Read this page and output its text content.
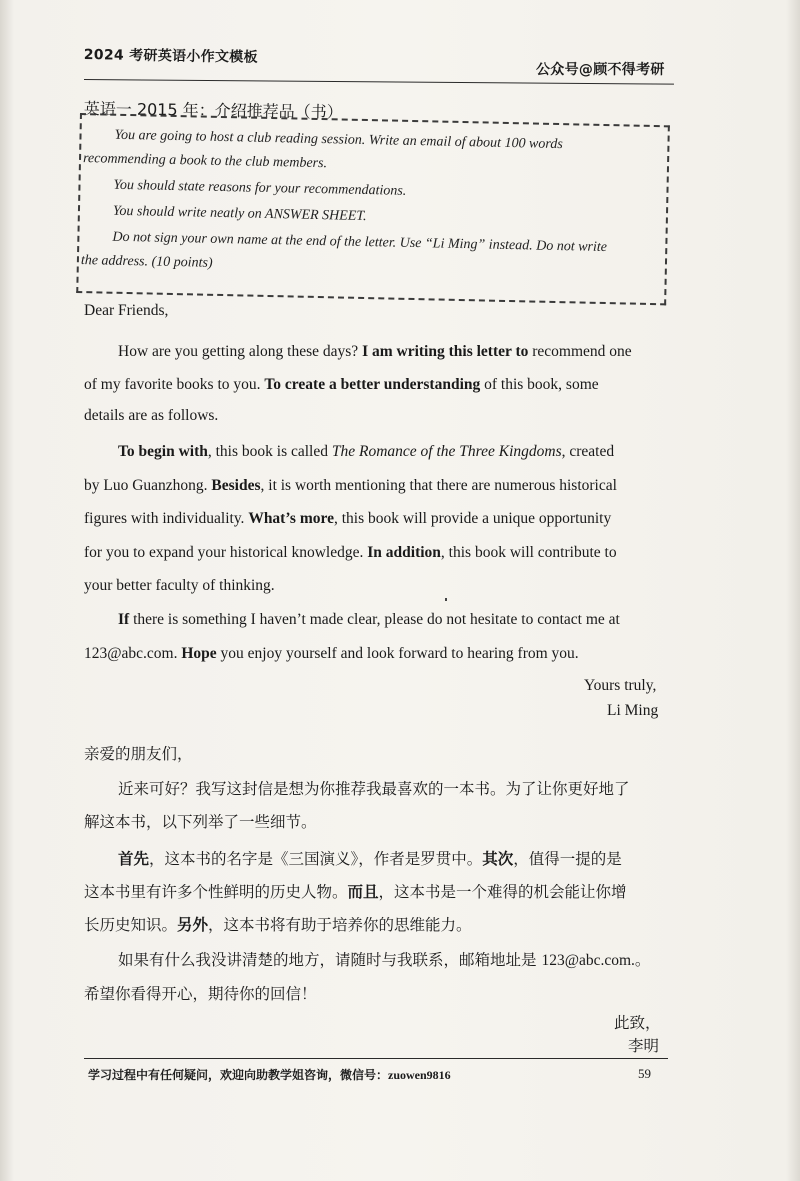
2024 考研英语小作文模板
公众号@顾不得考研
英语一 2015 年：介绍推荐品（书）
You are going to host a club reading session. Write an email of about 100 words
recommending a book to the club members.
You should state reasons for your recommendations.
You should write neatly on ANSWER SHEET.
Do not sign your own name at the end of the letter. Use “Li Ming” instead. Do not write
the address. (10 points)
Dear Friends,
How are you getting along these days? I am writing this letter to recommend one
of my favorite books to you. To create a better understanding of this book, some
details are as follows.
To begin with, this book is called The Romance of the Three Kingdoms, created
by Luo Guanzhong. Besides, it is worth mentioning that there are numerous historical
figures with individuality. What’s more, this book will provide a unique opportunity
for you to expand your historical knowledge. In addition, this book will contribute to
your better faculty of thinking.
If there is something I haven’t made clear, please do not hesitate to contact me at
123@abc.com. Hope you enjoy yourself and look forward to hearing from you.
Yours truly,
Li Ming
亲爱的朋友们，
近来可好？我写这封信是想为你推荐我最喜欢的一本书。为了让你更好地了
解这本书，以下列举了一些细节。
首先，这本书的名字是《三国演义》，作者是罗贯中。其次，值得一提的是
这本书里有许多个性鲜明的历史人物。而且，这本书是一个难得的机会能让你增
长历史知识。另外，这本书将有助于培养你的思维能力。
如果有什么我没讲清楚的地方，请随时与我联系，邮箱地址是 123@abc.com.。
希望你看得开心，期待你的回信！
此致，
李明
学习过程中有任何疑问，欢迎向助教学姐咨询，微信号：zuowen9816	59
